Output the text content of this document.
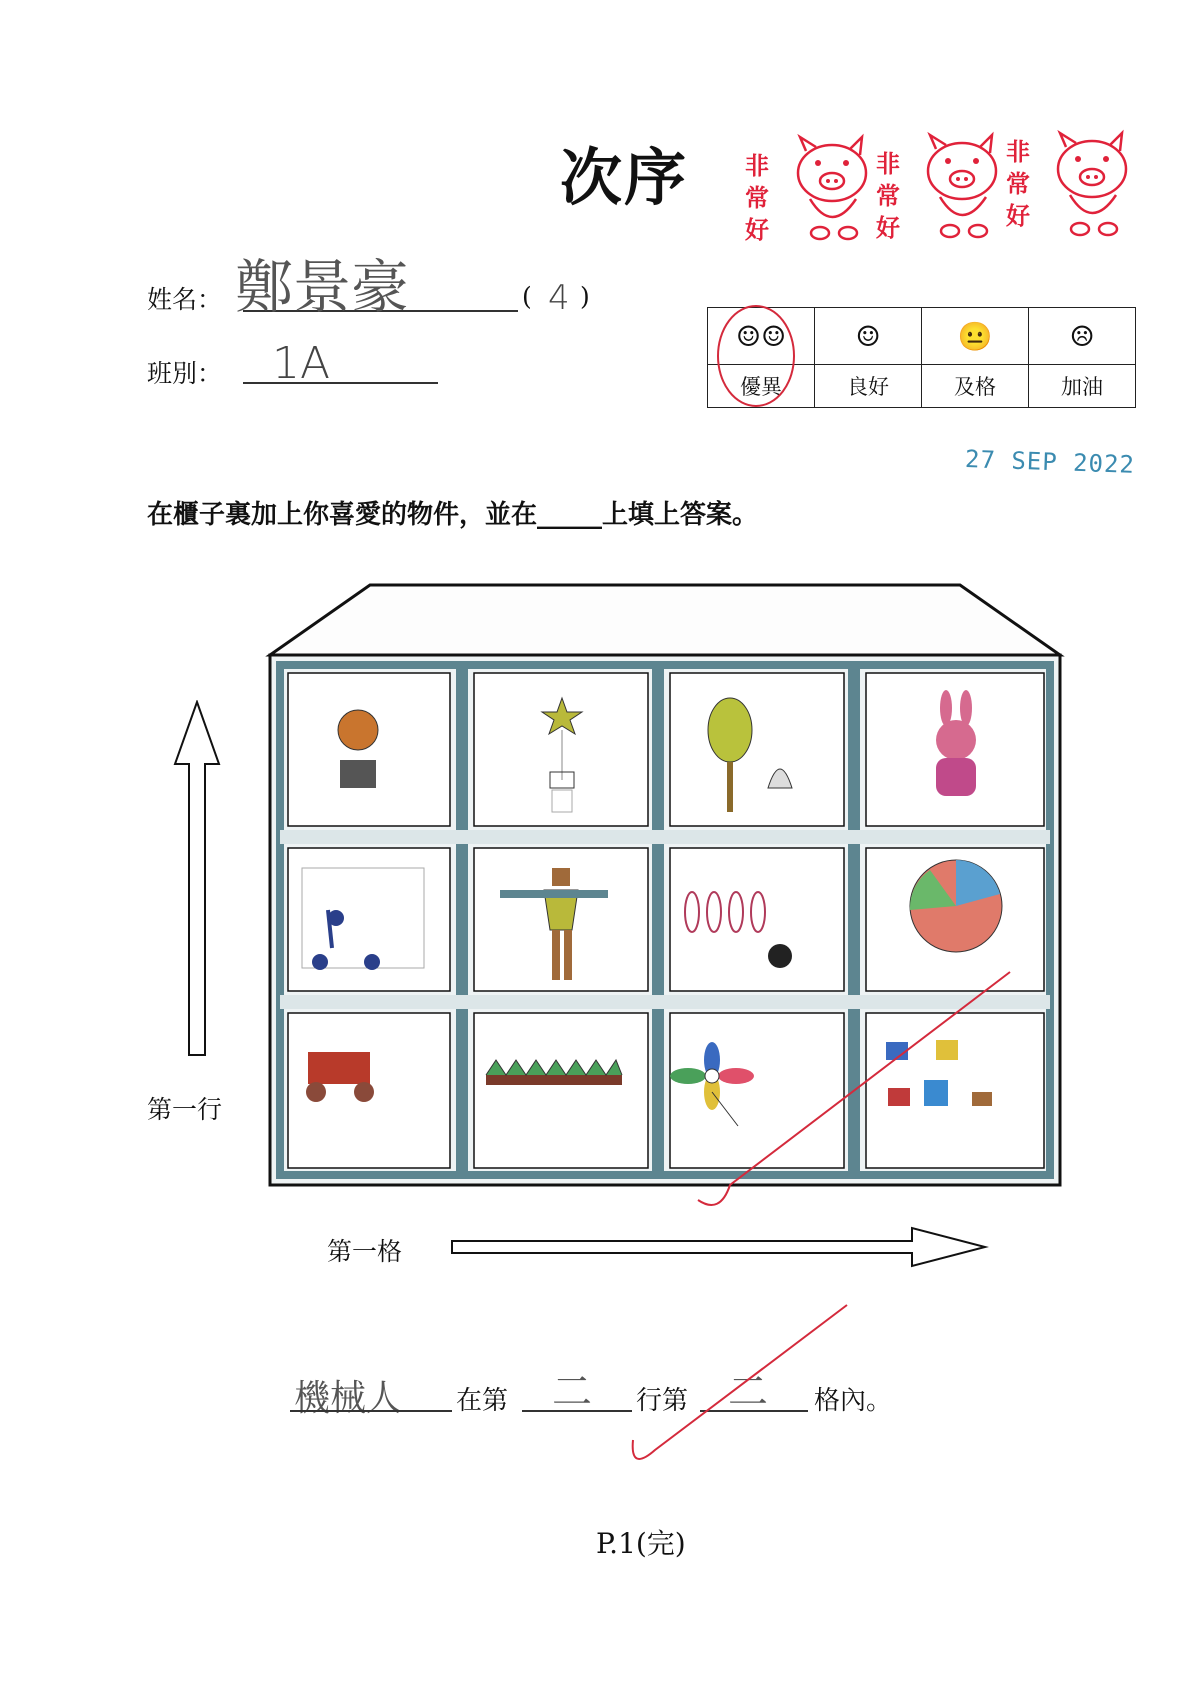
次序 非常好
非常好
非常好
姓名： 鄭景豪	( 4 )
班別： 1A
☺☺	☺	😐	☹
優異	良好	及格	加油
27 SEP 2022
在櫃子裏加上你喜愛的物件，並在_____上填上答案。
第一行
第一格
機械人 在第 二 行第 二 格內。
P.1(完)
